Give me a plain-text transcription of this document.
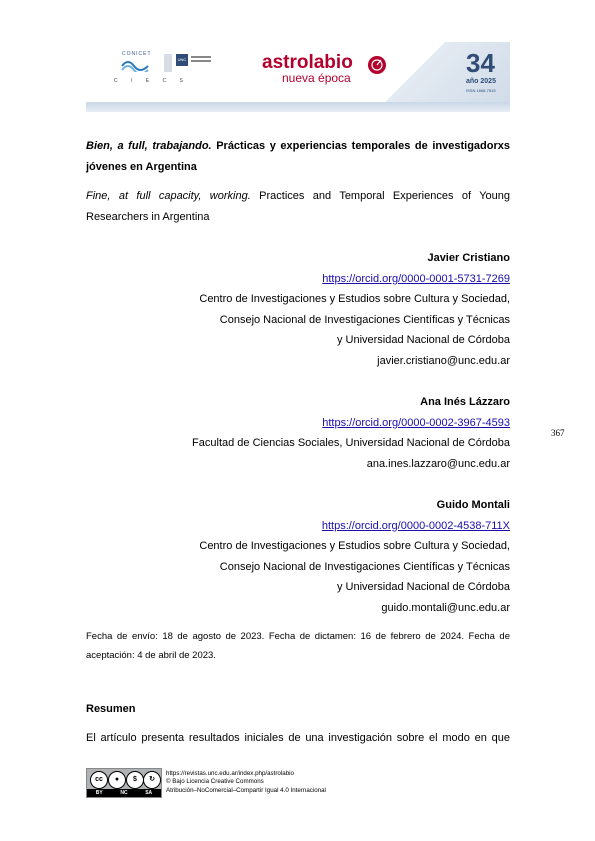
CONICET
UNC
C I E C S
astrolabio
nueva época	34
año 2025
ISSN 1668-7515
Bien, a full, trabajando. Prácticas y experiencias temporales de investigadorxs jóvenes en Argentina
Fine, at full capacity, working. Practices and Temporal Experiences of Young Researchers in Argentina
Javier Cristiano
https://orcid.org/0000-0001-5731-7269
Centro de Investigaciones y Estudios sobre Cultura y Sociedad,
Consejo Nacional de Investigaciones Científicas y Técnicas
y Universidad Nacional de Córdoba
javier.cristiano@unc.edu.ar
Ana Inés Lázzaro
https://orcid.org/0000-0002-3967-4593
Facultad de Ciencias Sociales, Universidad Nacional de Córdoba
ana.ines.lazzaro@unc.edu.ar
Guido Montali
https://orcid.org/0000-0002-4538-711X
Centro de Investigaciones y Estudios sobre Cultura y Sociedad,
Consejo Nacional de Investigaciones Científicas y Técnicas
y Universidad Nacional de Córdoba
guido.montali@unc.edu.ar
367
Fecha de envío: 18 de agosto de 2023. Fecha de dictamen: 16 de febrero de 2024. Fecha de aceptación: 4 de abril de 2023.
Resumen
El artículo presenta resultados iniciales de una investigación sobre el modo en que
cc	●	$	↻
BY	NC	SA
https://revistas.unc.edu.ar/index.php/astrolabio
© Bajo Licencia Creative Commons
Atribución–NoComercial–Compartir Igual 4.0 Internacional
